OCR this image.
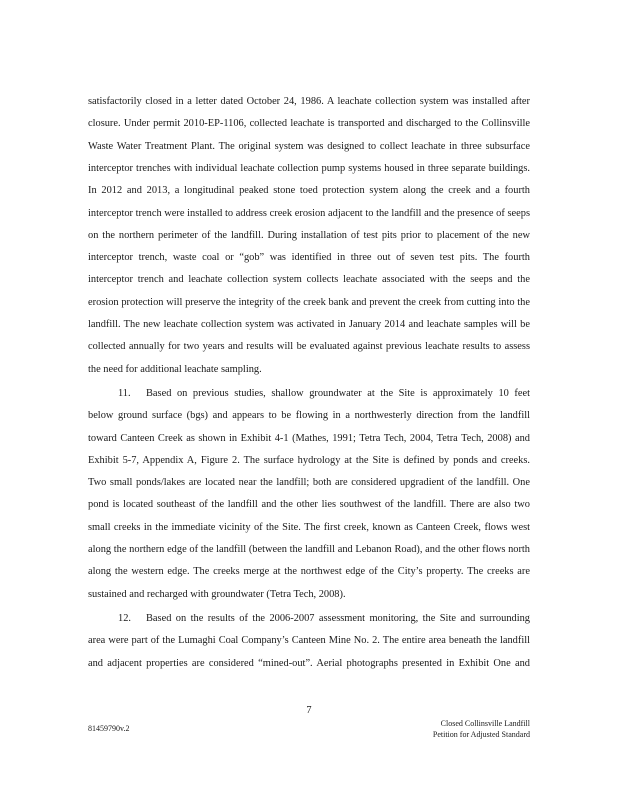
satisfactorily closed in a letter dated October 24, 1986. A leachate collection system was installed after
closure. Under permit 2010-EP-1106, collected leachate is transported and discharged to the Collinsville
Waste Water Treatment Plant. The original system was designed to collect leachate in three subsurface
interceptor trenches with individual leachate collection pump systems housed in three separate buildings.
In 2012 and 2013, a longitudinal peaked stone toed protection system along the creek and a fourth
interceptor trench were installed to address creek erosion adjacent to the landfill and the presence of seeps
on the northern perimeter of the landfill. During installation of test pits prior to placement of the new
interceptor trench, waste coal or “gob” was identified in three out of seven test pits. The fourth
interceptor trench and leachate collection system collects leachate associated with the seeps and the
erosion protection will preserve the integrity of the creek bank and prevent the creek from cutting into the
landfill. The new leachate collection system was activated in January 2014 and leachate samples will be
collected annually for two years and results will be evaluated against previous leachate results to assess
the need for additional leachate sampling.
11. Based on previous studies, shallow groundwater at the Site is approximately 10 feet
below ground surface (bgs) and appears to be flowing in a northwesterly direction from the landfill
toward Canteen Creek as shown in Exhibit 4-1 (Mathes, 1991; Tetra Tech, 2004, Tetra Tech, 2008) and
Exhibit 5-7, Appendix A, Figure 2. The surface hydrology at the Site is defined by ponds and creeks.
Two small ponds/lakes are located near the landfill; both are considered upgradient of the landfill. One
pond is located southeast of the landfill and the other lies southwest of the landfill. There are also two
small creeks in the immediate vicinity of the Site. The first creek, known as Canteen Creek, flows west
along the northern edge of the landfill (between the landfill and Lebanon Road), and the other flows north
along the western edge. The creeks merge at the northwest edge of the City’s property. The creeks are
sustained and recharged with groundwater (Tetra Tech, 2008).
7
81459790v.2
Closed Collinsville Landfill
Petition for Adjusted Standard
12. Based on the results of the 2006-2007 assessment monitoring, the Site and surrounding
area were part of the Lumaghi Coal Company’s Canteen Mine No. 2. The entire area beneath the landfill
and adjacent properties are considered “mined-out”. Aerial photographs presented in Exhibit One and
